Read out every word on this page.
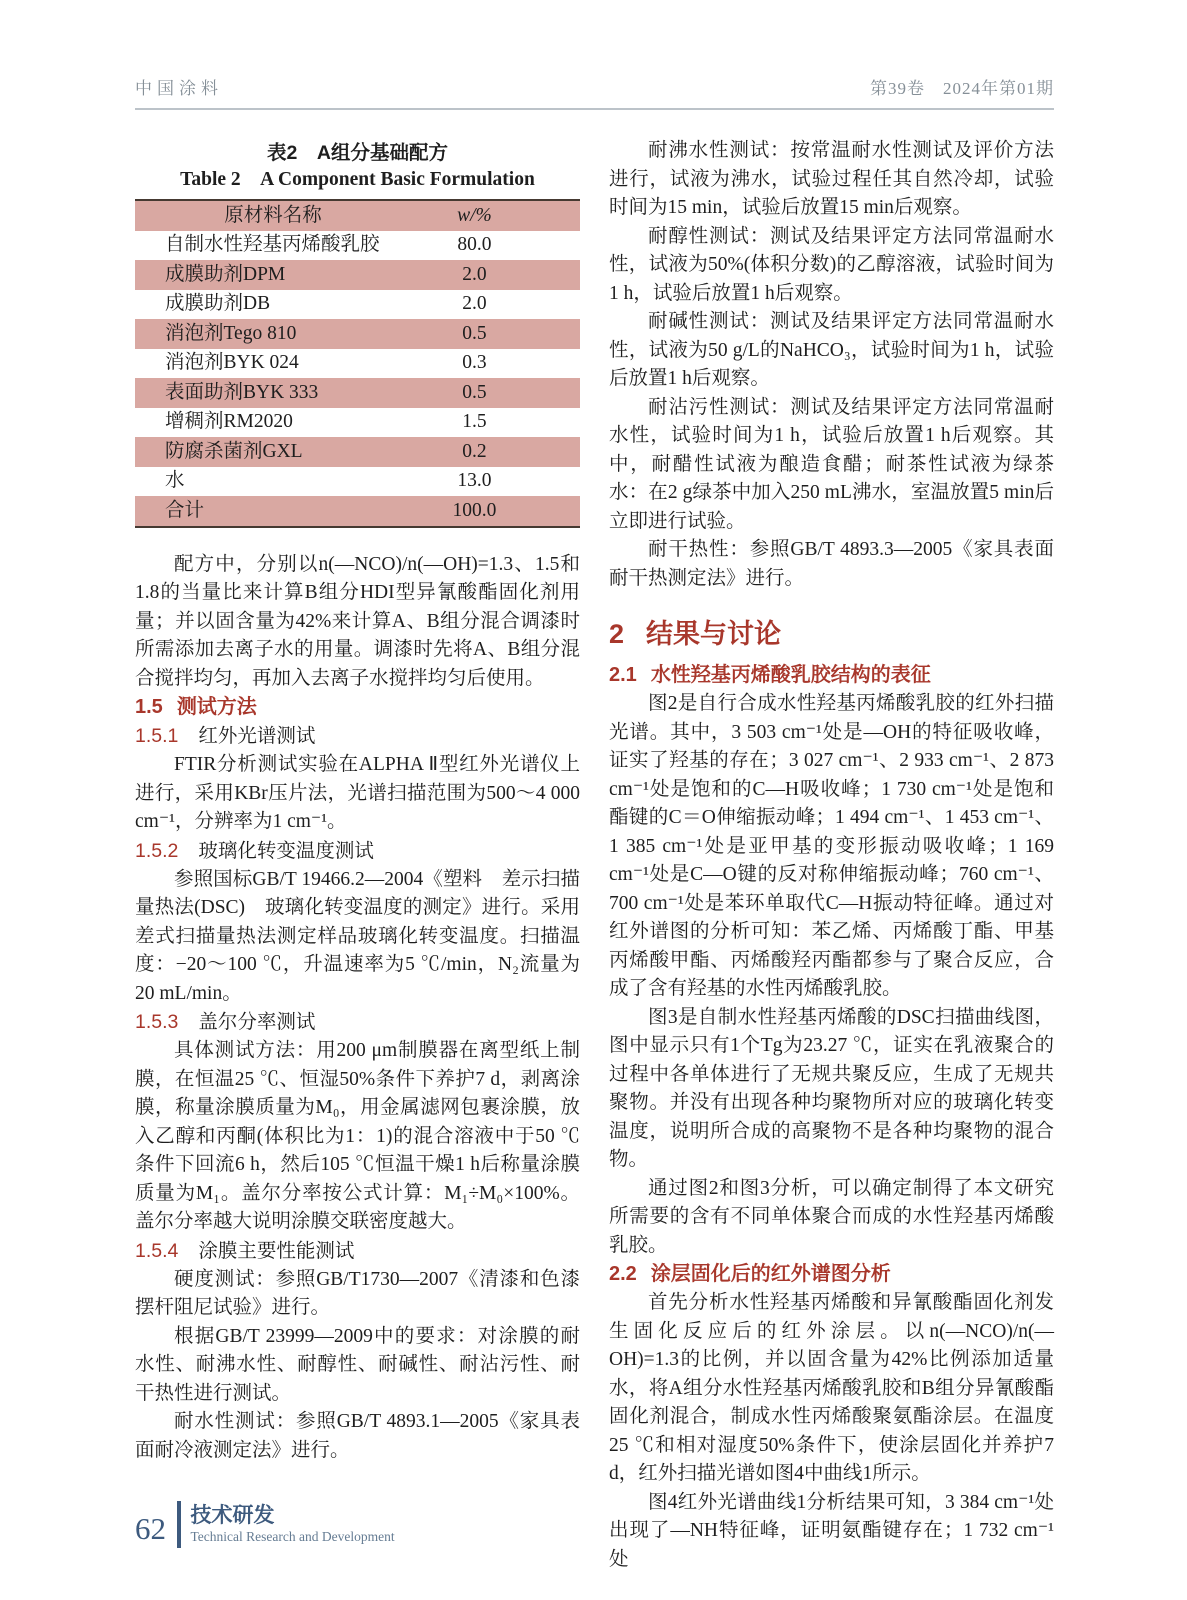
中国涂料	第39卷　2024年第01期
表2　A组分基础配方
Table 2　A Component Basic Formulation
原材料名称	w/%
自制水性羟基丙烯酸乳胶	80.0
成膜助剂DPM	2.0
成膜助剂DB	2.0
消泡剂Tego 810	0.5
消泡剂BYK 024	0.3
表面助剂BYK 333	0.5
增稠剂RM2020	1.5
防腐杀菌剂GXL	0.2
水	13.0
合计	100.0

配方中，分别以n(—NCO)/n(—OH)=1.3、1.5和1.8的当量比来计算B组分HDI型异氰酸酯固化剂用量；并以固含量为42%来计算A、B组分混合调漆时所需添加去离子水的用量。调漆时先将A、B组分混合搅拌均匀，再加入去离子水搅拌均匀后使用。

1.5 测试方法
1.5.1 红外光谱测试

FTIR分析测试实验在ALPHA Ⅱ型红外光谱仪上进行，采用KBr压片法，光谱扫描范围为500～4 000 cm⁻¹，分辨率为1 cm⁻¹。

1.5.2 玻璃化转变温度测试

参照国标GB/T 19466.2—2004《塑料　差示扫描量热法(DSC)　玻璃化转变温度的测定》进行。采用差式扫描量热法测定样品玻璃化转变温度。扫描温度：−20～100 ℃，升温速率为5 ℃/min，N₂流量为20 mL/min。

1.5.3 盖尔分率测试

具体测试方法：用200 μm制膜器在离型纸上制膜，在恒温25 ℃、恒湿50%条件下养护7 d，剥离涂膜，称量涂膜质量为M₀，用金属滤网包裹涂膜，放入乙醇和丙酮(体积比为1：1)的混合溶液中于50 ℃条件下回流6 h，然后105 ℃恒温干燥1 h后称量涂膜质量为M₁。盖尔分率按公式计算：M₁÷M₀×100%。盖尔分率越大说明涂膜交联密度越大。

1.5.4 涂膜主要性能测试

硬度测试：参照GB/T1730—2007《清漆和色漆摆杆阻尼试验》进行。

根据GB/T 23999—2009中的要求：对涂膜的耐水性、耐沸水性、耐醇性、耐碱性、耐沾污性、耐干热性进行测试。

耐水性测试：参照GB/T 4893.1—2005《家具表面耐冷液测定法》进行。

耐沸水性测试：按常温耐水性测试及评价方法进行，试液为沸水，试验过程任其自然冷却，试验时间为15 min，试验后放置15 min后观察。

耐醇性测试：测试及结果评定方法同常温耐水性，试液为50%(体积分数)的乙醇溶液，试验时间为1 h，试验后放置1 h后观察。

耐碱性测试：测试及结果评定方法同常温耐水性，试液为50 g/L的NaHCO₃，试验时间为1 h，试验后放置1 h后观察。

耐沾污性测试：测试及结果评定方法同常温耐水性，试验时间为1 h，试验后放置1 h后观察。其中，耐醋性试液为酿造食醋；耐茶性试液为绿茶水：在2 g绿茶中加入250 mL沸水，室温放置5 min后立即进行试验。

耐干热性：参照GB/T 4893.3—2005《家具表面耐干热测定法》进行。

2 结果与讨论
2.1 水性羟基丙烯酸乳胶结构的表征

图2是自行合成水性羟基丙烯酸乳胶的红外扫描光谱。其中，3 503 cm⁻¹处是—OH的特征吸收峰，证实了羟基的存在；3 027 cm⁻¹、2 933 cm⁻¹、2 873 cm⁻¹处是饱和的C—H吸收峰；1 730 cm⁻¹处是饱和酯键的C＝O伸缩振动峰；1 494 cm⁻¹、1 453 cm⁻¹、1 385 cm⁻¹处是亚甲基的变形振动吸收峰；1 169 cm⁻¹处是C—O键的反对称伸缩振动峰；760 cm⁻¹、700 cm⁻¹处是苯环单取代C—H振动特征峰。通过对红外谱图的分析可知：苯乙烯、丙烯酸丁酯、甲基丙烯酸甲酯、丙烯酸羟丙酯都参与了聚合反应，合成了含有羟基的水性丙烯酸乳胶。

图3是自制水性羟基丙烯酸的DSC扫描曲线图，图中显示只有1个Tg为23.27 ℃，证实在乳液聚合的过程中各单体进行了无规共聚反应，生成了无规共聚物。并没有出现各种均聚物所对应的玻璃化转变温度，说明所合成的高聚物不是各种均聚物的混合物。

通过图2和图3分析，可以确定制得了本文研究所需要的含有不同单体聚合而成的水性羟基丙烯酸乳胶。

2.2 涂层固化后的红外谱图分析

首先分析水性羟基丙烯酸和异氰酸酯固化剂发生固化反应后的红外涂层。以n(—NCO)/n(—OH)=1.3的比例，并以固含量为42%比例添加适量水，将A组分水性羟基丙烯酸乳胶和B组分异氰酸酯固化剂混合，制成水性丙烯酸聚氨酯涂层。在温度25 ℃和相对湿度50%条件下，使涂层固化并养护7 d，红外扫描光谱如图4中曲线1所示。

图4红外光谱曲线1分析结果可知，3 384 cm⁻¹处出现了—NH特征峰，证明氨酯键存在；1 732 cm⁻¹处

62 技术研发
Technical Research and Development
